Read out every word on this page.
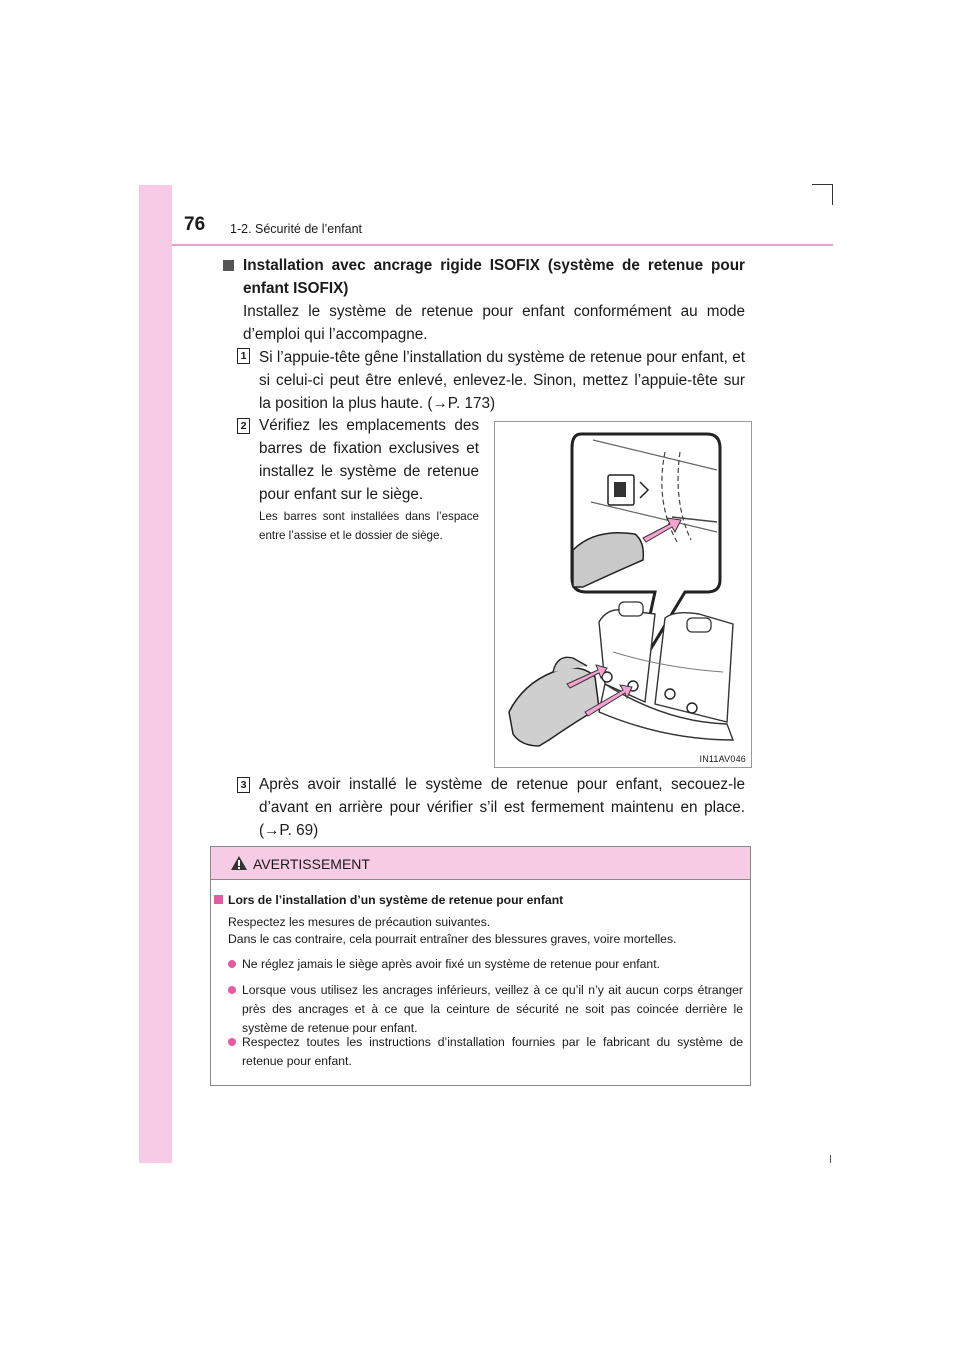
76 1-2. Sécurité de l’enfant
Installation avec ancrage rigide ISOFIX (système de retenue pour enfant ISOFIX)
Installez le système de retenue pour enfant conformément au mode d’emploi qui l’accompagne.
1 Si l’appuie-tête gêne l’installation du système de retenue pour enfant, et si celui-ci peut être enlevé, enlevez-le. Sinon, mettez l’appuie-tête sur la position la plus haute. (→P. 173)
2 Vérifiez les emplacements des barres de fixation exclusives et installez le système de retenue pour enfant sur le siège.
Les barres sont installées dans l’espace entre l’assise et le dossier de siège.
IN11AV046
3 Après avoir installé le système de retenue pour enfant, secouez-le d’avant en arrière pour vérifier s’il est fermement maintenu en place. (→P. 69)
AVERTISSEMENT
Lors de l’installation d’un système de retenue pour enfant
Respectez les mesures de précaution suivantes.
Dans le cas contraire, cela pourrait entraîner des blessures graves, voire mortelles.
Ne réglez jamais le siège après avoir fixé un système de retenue pour enfant.
Lorsque vous utilisez les ancrages inférieurs, veillez à ce qu’il n’y ait aucun corps étranger près des ancrages et à ce que la ceinture de sécurité ne soit pas coincée derrière le système de retenue pour enfant.
Respectez toutes les instructions d’installation fournies par le fabricant du système de retenue pour enfant.
